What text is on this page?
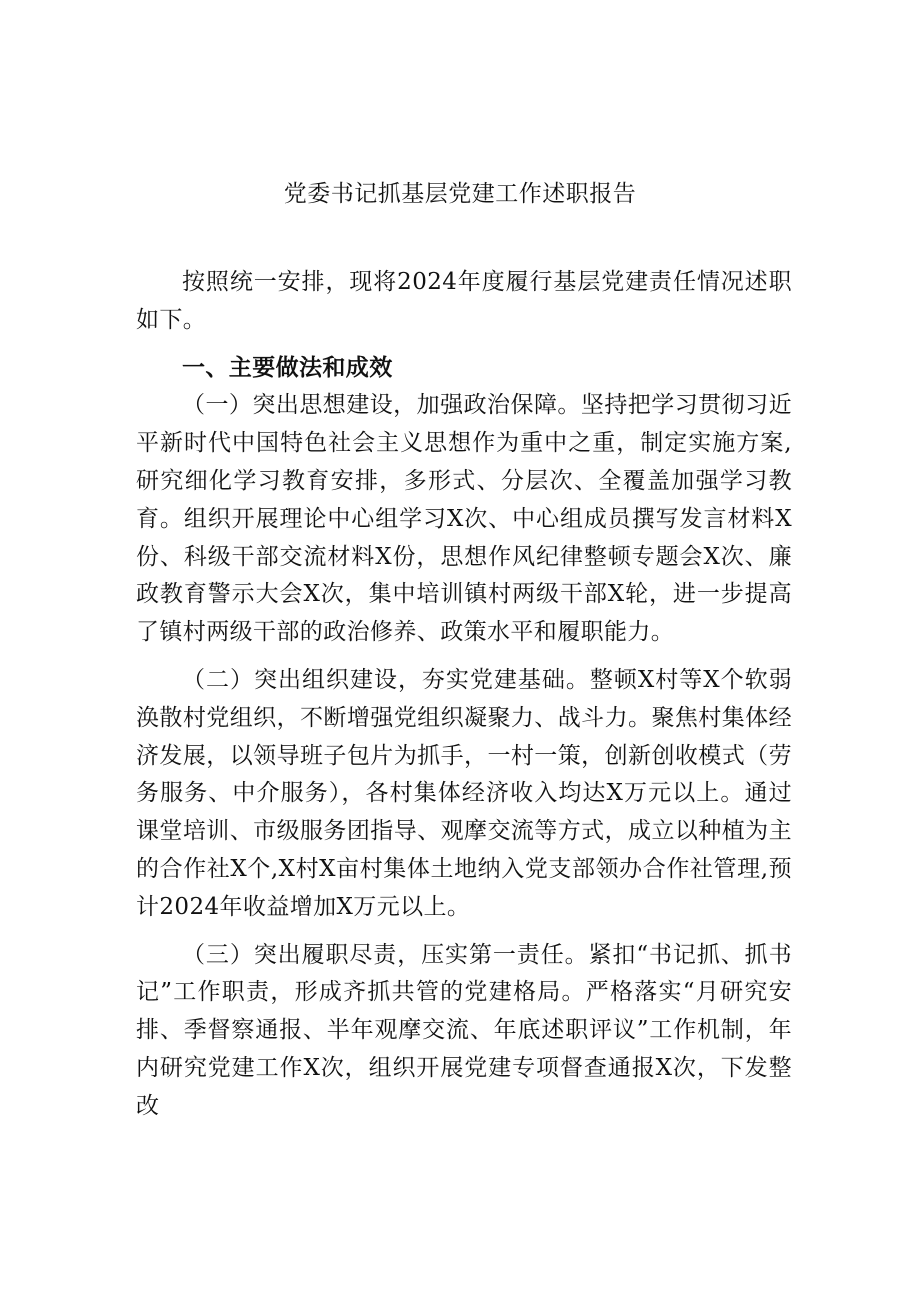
党委书记抓基层党建工作述职报告

按照统一安排，现将2024年度履行基层党建责任情况述职如下。

一、主要做法和成效

（一）突出思想建设，加强政治保障。坚持把学习贯彻习近平新时代中国特色社会主义思想作为重中之重，制定实施方案,研究细化学习教育安排，多形式、分层次、全覆盖加强学习教育。组织开展理论中心组学习X次、中心组成员撰写发言材料X份、科级干部交流材料X份，思想作风纪律整顿专题会X次、廉政教育警示大会X次，集中培训镇村两级干部X轮，进一步提高了镇村两级干部的政治修养、政策水平和履职能力。

（二）突出组织建设，夯实党建基础。整顿X村等X个软弱涣散村党组织，不断增强党组织凝聚力、战斗力。聚焦村集体经济发展，以领导班子包片为抓手，一村一策，创新创收模式（劳务服务、中介服务），各村集体经济收入均达X万元以上。通过课堂培训、市级服务团指导、观摩交流等方式，成立以种植为主的合作社X个,X村X亩村集体土地纳入党支部领办合作社管理,预计2024年收益增加X万元以上。

（三）突出履职尽责，压实第一责任。紧扣“书记抓、抓书记”工作职责，形成齐抓共管的党建格局。严格落实“月研究安排、季督察通报、半年观摩交流、年底述职评议”工作机制，年内研究党建工作X次，组织开展党建专项督查通报X次，下发整改
